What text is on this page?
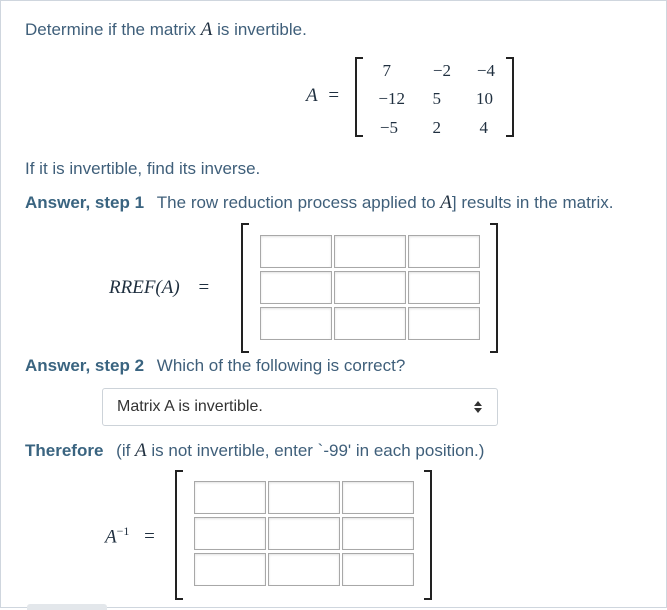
Determine if the matrix A is invertible.
A =
7	−2	−4
−12	5	10
−5	2	4
If it is invertible, find its inverse.
Answer, step 1 The row reduction process applied to A] results in the matrix.
RREF(A) =
Answer, step 2 Which of the following is correct?
Matrix A is invertible.
Therefore (if A is not invertible, enter `-99' in each position.)
$A^{-1}$ =
